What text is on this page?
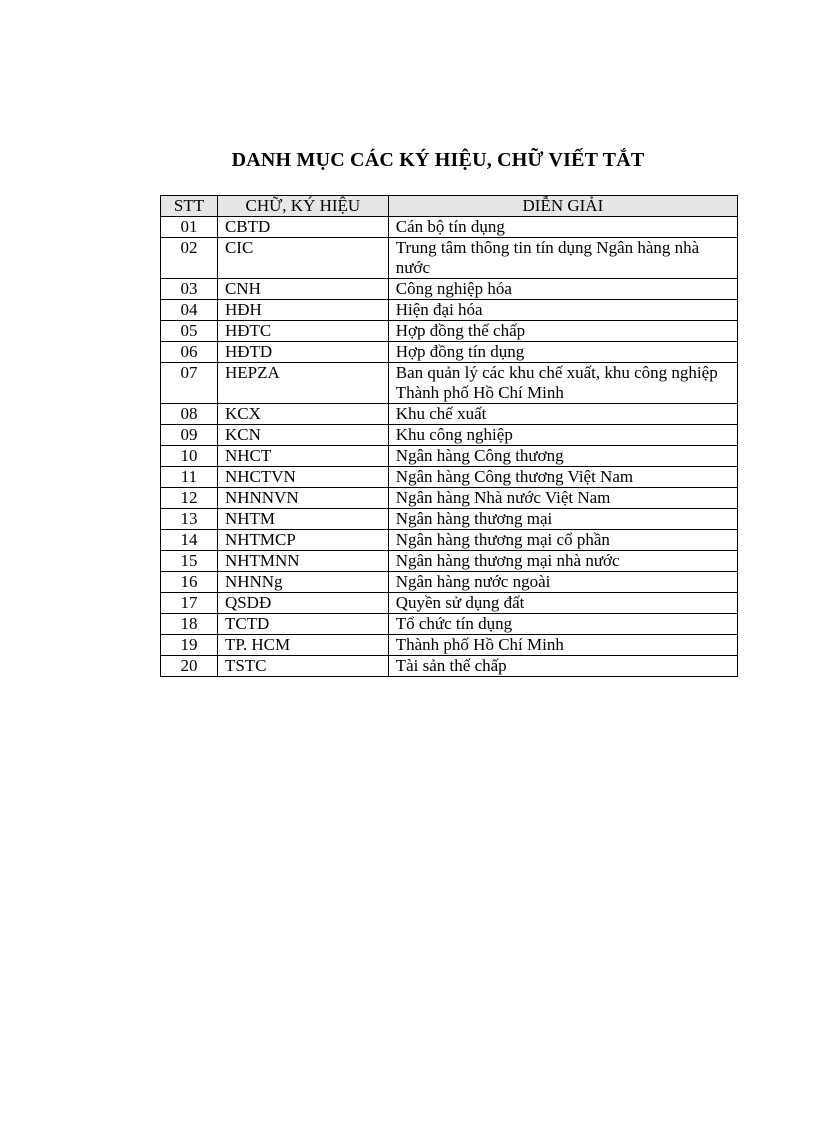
DANH MỤC CÁC KÝ HIỆU, CHỮ VIẾT TẮT
STT	CHỮ, KÝ HIỆU	DIỄN GIẢI
01	CBTD	Cán bộ tín dụng
02	CIC	Trung tâm thông tin tín dụng Ngân hàng nhà nước
03	CNH	Công nghiệp hóa
04	HĐH	Hiện đại hóa
05	HĐTC	Hợp đồng thế chấp
06	HĐTD	Hợp đồng tín dụng
07	HEPZA	Ban quản lý các khu chế xuất, khu công nghiệp Thành phố Hồ Chí Minh
08	KCX	Khu chế xuất
09	KCN	Khu công nghiệp
10	NHCT	Ngân hàng Công thương
11	NHCTVN	Ngân hàng Công thương Việt Nam
12	NHNNVN	Ngân hàng Nhà nước Việt Nam
13	NHTM	Ngân hàng thương mại
14	NHTMCP	Ngân hàng thương mại cổ phần
15	NHTMNN	Ngân hàng thương mại nhà nước
16	NHNNg	Ngân hàng nước ngoài
17	QSDĐ	Quyền sử dụng đất
18	TCTD	Tổ chức tín dụng
19	TP. HCM	Thành phố Hồ Chí Minh
20	TSTC	Tài sản thế chấp
